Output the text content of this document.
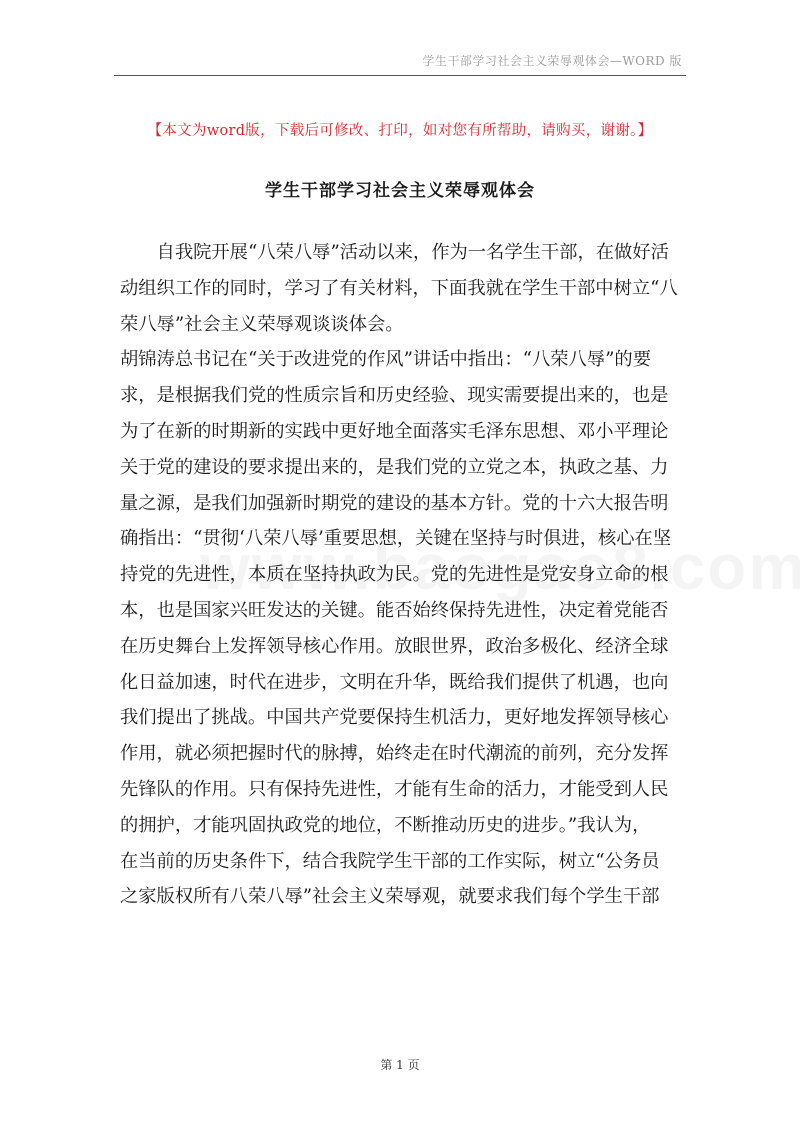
学生干部学习社会主义荣辱观体会—WORD 版
【本文为word版，下载后可修改、打印，如对您有所帮助，请购买，谢谢。】
学生干部学习社会主义荣辱观体会

　　自我院开展“八荣八辱”活动以来，作为一名学生干部，在做好活

动组织工作的同时，学习了有关材料，下面我就在学生干部中树立“八

荣八辱”社会主义荣辱观谈谈体会。

胡锦涛总书记在“关于改进党的作风”讲话中指出：“八荣八辱”的要

求，是根据我们党的性质宗旨和历史经验、现实需要提出来的，也是

为了在新的时期新的实践中更好地全面落实毛泽东思想、邓小平理论

关于党的建设的要求提出来的，是我们党的立党之本，执政之基、力

量之源，是我们加强新时期党的建设的基本方针。党的十六大报告明

确指出：“贯彻‘八荣八辱’重要思想，关键在坚持与时俱进，核心在坚

持党的先进性，本质在坚持执政为民。党的先进性是党安身立命的根

本，也是国家兴旺发达的关键。能否始终保持先进性，决定着党能否

在历史舞台上发挥领导核心作用。放眼世界，政治多极化、经济全球

化日益加速，时代在进步，文明在升华，既给我们提供了机遇，也向

我们提出了挑战。中国共产党要保持生机活力，更好地发挥领导核心

作用，就必须把握时代的脉搏，始终走在时代潮流的前列，充分发挥

先锋队的作用。只有保持先进性，才能有生命的活力，才能受到人民

的拥护，才能巩固执政党的地位，不断推动历史的进步。”我认为，

在当前的历史条件下，结合我院学生干部的工作实际，树立“公务员

之家版权所有八荣八辱”社会主义荣辱观，就要求我们每个学生干部

第 1 页
